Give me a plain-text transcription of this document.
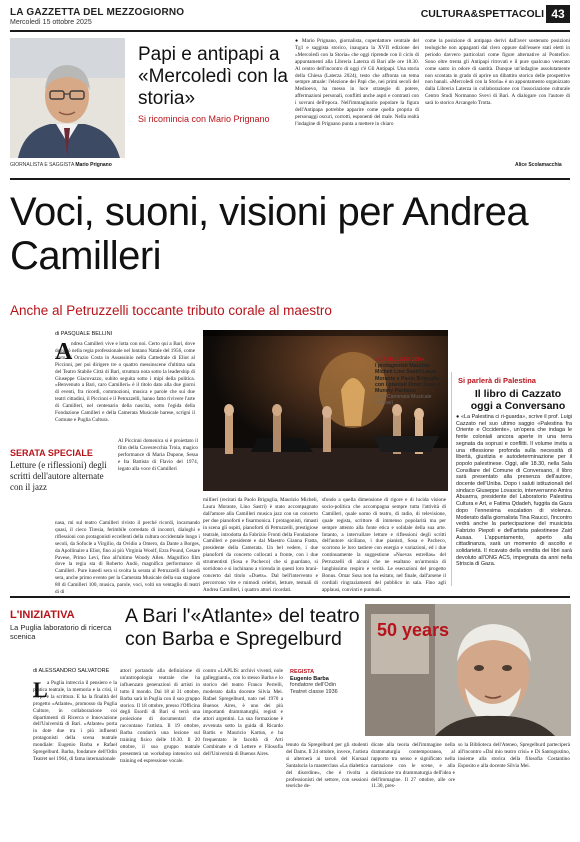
LA GAZZETTA DEL MEZZOGIORNO
Mercoledì 15 ottobre 2025
CULTURA&SPETTACOLI 43
GIORNALISTA E SAGGISTA Mario Prignano
Papi e antipapi a «Mercoledì con la storia»
Si ricomincia con Mario Prignano
● Mario Prignano, giornalista, coperdattore centrale del Tg1 e saggista storico, inaugura la XVII edizione dei «Mercoledì con la Storia» che oggi riprende con il ciclo di appuntamenti alla Libreria Laterza di Bari alle ore 18.30. Al centro dell'incontro di oggi c'è Gli Antipapi. Una storia della Chiesa (Laterza 2024), testo che affronta un tema sempre attuale: l'elezione dei Papi che, nei primi secoli del Medioevo, ha messo in luce strategie di potere, affermazioni personali, conflitti anche aspri e contrasti con i sovrani dell'epoca. Nell'immaginario popolare la figura dell'Antipapa potrebbe apparire come quella propria di personaggi oscuri, corrotti, esponenti del male. Nella realtà l'indagine di Prignano punta a mettere in chiaro
come la posizione di antipapa derivi dall'aver sostenuto posizioni teologiche non appaganti dal clero oppure dall'essere stati eletti in periodo davvero particolari come figure alternative al Pontefice. Sono oltre trenta gli Antipapi ritrovati e il pure qualcuno venerato come santo in odore di santità. Dunque un'indagine assolutamente non scontata in grado di aprire un dibattito storico delle prospettive non banali. «Mercoledì con la Storia» è un appuntamento organizzato dalla Libreria Laterza in collaborazione con l'associazione culturale Centro Studi Normanno Svevi di Bari. A dialogare con l'autore di sarà lo storico Arcangelo Trotta.
Alice Scolamacchia
Voci, suoni, visioni per Andrea Camilleri
Anche al Petruzzelli toccante tributo corale al maestro
di PASQUALE BELLINI
A
ndrea Camilleri vive e lotta con noi. Certo qui a Bari, dove debuttò nella regia professionale nel lontano Natale del 1956, come aiuto di Orazio Costa in Assassinio nella Cattedrale di Eliot al Piccinni, per poi dirigere tre o quattro messinscene d'ultima sala del Teatro Stabile Città di Bari, struttura nota sotto la leadership di Giuseppe Giacovazzo, subito seguita sotto i mipi della politica. «Benvenuto a Bari, caro Camilleri» è il titolo dato alla due giorni di eventi, fra ricordi, commozioni, musica e parole che sui due teatri cittadini, il Piccinni e il Petruzzelli, hanno fatto rivivere l'arte di Camilleri, nel centenario della nascita, sotto l'egida della Fondazione Camilleri e della Camerata Musicale barese, scrigni il Comune e Puglia Cultura.
SERATA SPECIALE
Letture (e riflessioni) degli scritti dell'autore alternate con il jazz
Al Piccinni domenica si è proiettato il film della Cavesrecchia Troia, magico performance di Maria Dupone, Sessa e Ita Battista di Flavio del 1974, legato alla voce di Camilleri
nasa, mi sul teatro Camilleri rivisto il perché ricordi, incarnando quasi, il cieco Tiresia, ferimbile corredato di incontri, dialoghi e riflessioni con protagonisti eccellenti della cultura occidentale lungo i secoli, da Sofocle a Virgilio, da Ovidio a Omero, da Dante a Borges, da Apollinaire a Eliot, fino ai più Virginia Woolf, Ezra Pound, Cesare Pavese, Primo Levi, fino all'ultimo Woody Allen. Magnifico film dove la regia sta di Roberto Andò, magnifica performance di Camilleri. Pure lunedì sera si svolta la serata al Petruzzelli di lunedì sera, anche primo evento per la Camerata Musicale della sua stagione 80 di Camilleri 100, musica, parole, voci, volti un ventaglio di teatri di di
«CAMILLERI 100»
I protagonisti Maurizio Micheli Lino Sastri Laura Morante e Paolo Briguglia con i pianisti Omar Sosa e Munoly Pacheco
(foto Camerata Musicale Barese)
millieri (recitati da Paolo Briguglia, Maurizio Micheli, Laura Morante, Lino Sastri) è stato accompagnato dall'amore alla Camilleri musica jazz con un concerto per due pianoforti e fisarmonica. I protagonisti, rimasti in scena gli ospiti, pianoforti di Petruzzelli, prestigiose teatrale, introdotta da Fabrizio Fronti della Fondazione Camilleri e presidente e dal Maestro Gianna Fratta, presidente della Camerata. Un bel vedere, i due pianoforti da concerto collocati a fronte, con i due strumentisti (Sosa e Pacheco) che si guardano, si sorridono e si inchinano a vicenda in questi loro brani-concerto dal titolo «Duets». Dal bell'intervento e percorrono vite e mimodi celebri, letture, testuali di Andrea Camilleri, i quattro attori ricordati.
sfondo a quella dimensione di rigore e di lucida visione socio-politica che accompagna sempre tutta l'attività di Camilleri, quale uomo di teatro, di radio, di televisione, quale regista, scrittore di immenso popolarità ma per sempre attento alla fonte etica e solidale della sua arte. Intanto, a intervallare letture e riflessioni degli scritti dell'autore siciliano, i due pianisti, Sosa e Pacheco, scorrono le loro tastiere con energia e variazioni, ed i due continuamente la suggestione «Nuevas estrellas» del Petruzzelli di alcuni che ne esaltano un'armonia di lunghissimo respiro e verità. Le esecuzioni del progetto Bonus. Omar Sosa non ha esitato, nel finale, dall'arsene il cordiali ringraziamenti del pubblico in sala. Fino agli applausi, convinti e puntuali.
Si parlerà di Palestina
Il libro di Cazzato oggi a Conversano
● «La Palestina ci ri-guarda», scrive il prof. Luigi Cazzato nel suo ultimo saggio «Palestina fra Oriente e Occidente», un'opera che indaga le ferite coloniali ancora aperte in una terra segnata da soprusi e conflitti. Il volume invita a una riflessione profonda sulla necessità di libertà, giustizia e autodeterminazione per il popolo palestinese. Oggi, alle 18.30, nella Sala Consiliare del Comune di Conversano, il libro sarà presentato alla presenza dell'autore, docente dell'Uniba. Dopo i saluti istituzionali del sindaco Giuseppe Lovascio, interverranno Amira Abuarrra, presidente del Laboratorio Palestina Cultura e Art, e Fatima Qdadeh, fuggita da Gaza dopo l'ennesima escalation di violenza. Moderato dalla giornalista Tina Raucci, l'incontro vedrà anche la partecipazione del musicista Fabrizio Piepoli e dell'artista palestinese Zaid Ausaa. L'appuntamento, aperto alla cittadinanza, sarà un momento di ascolto e solidarietà. Il ricavato della vendita dei libri sarà devoluto all'ONG ACS, impegnata da anni nella Striscia di Gaza.
L'INIZIATIVA
La Puglia laboratorio di ricerca scenica
A Bari l'«Atlante» del teatro con Barba e Spregelburd
di ALESSANDRO SALVATORE
L a Puglia intreccia il pensiero e la pratica teatrale, la memoria e la crisi, il corpo e la scrittura. E ha la finalità del progetto «Atlante», promosso da Puglia Culture, in collaborazione coi dipartimenti di Ricerca e Innovazione dell'Università di Bari. «Atlante» porta in dote due tra i più influenti protagonisti della scena teatrale mondiale: Eugenio Barba e Rafael Spregelburd. Barba, fondatore dell'Odin Teatret nel 1964, di fama internazionale
attori portando alla definizione di un'antropologia teatrale che ha influenzato generazioni di artisti in tutto il mondo. Dai 18 al 31 ottobre, Barba sarà in Puglia con il suo gruppo storico. Il 18 ottobre, presso l'Officina degli Esordi di Bari si terrà una proiezione di documentari che raccontano l'artista. Il 19 ottobre, Barba condurrà una lezione sul training fisico delle 10.30. Il 20 ottobre, il suo gruppo teatrale presenterà un workshop intensivo sul training ed espressione vocale.
contro «LAPLIS: archivi viventi, nole galleggianti», con lo stesso Barba e lo storico del teatro Franco Perrelli, moderato dalla docente Silvia Mei. Rafael Spregelburd, nato nel 1970 a Buenos Aires, è uno dei più importanti drammaturghi, registi e attori argentini. La sua formazione è avvenuta sotto la guida di Ricardo Bartis e Mauricio Kartun, e ha frequentato le facoltà di Arti Combinate e di Lettere e Filosofia dell'Università di Buenos Aires.
50 years
REGISTA
Eugenio Barba
fondatore dell'Odin Teatret classe 1936
tenuto da Spregelburd per gli studenti del Dams. Il 24 ottobre, invece, l'artista si alternerà ai tavoli del Kursaal Santalucia la masterclass «La dialettica del disordine», che è rivolta a professionisti del settore, con sessioni teoriche de-
dicate alla teoria dell'immagine nella drammaturgia contemporanea, al rapporto tra senso e significato nella narrazione con le scene, e alla distinzione tra drammaturgia dell'idea e dell'immagine. Il 27 ottobre, alle ore 11.30, pres-
so la Biblioteca dell'Ateneo, Spregelburd parteciperà all'incontro «Dal mio teatro crisi» e Di Santogustino, insieme alla storica della filosofia Costantino Esposito e alla docente Silvia Mei.
